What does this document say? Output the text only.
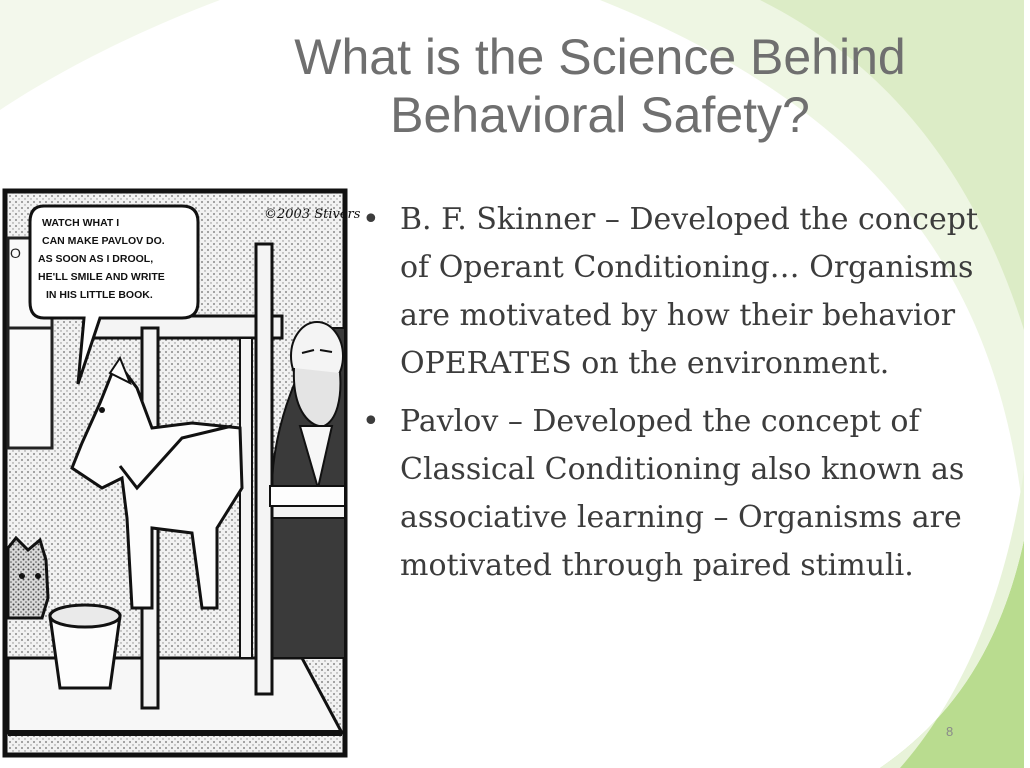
What is the Science Behind
Behavioral Safety?
O
WATCH WHAT I CAN MAKE PAVLOV DO. AS SOON AS I DROOL, HE'LL SMILE AND WRITE IN HIS LITTLE BOOK.
©2003 Stivers • B. F. Skinner – Developed the concept of Operant Conditioning… Organisms are motivated by how their behavior OPERATES on the environment.
• Pavlov – Developed the concept of Classical Conditioning also known as associative learning – Organisms are motivated through paired stimuli.
8
